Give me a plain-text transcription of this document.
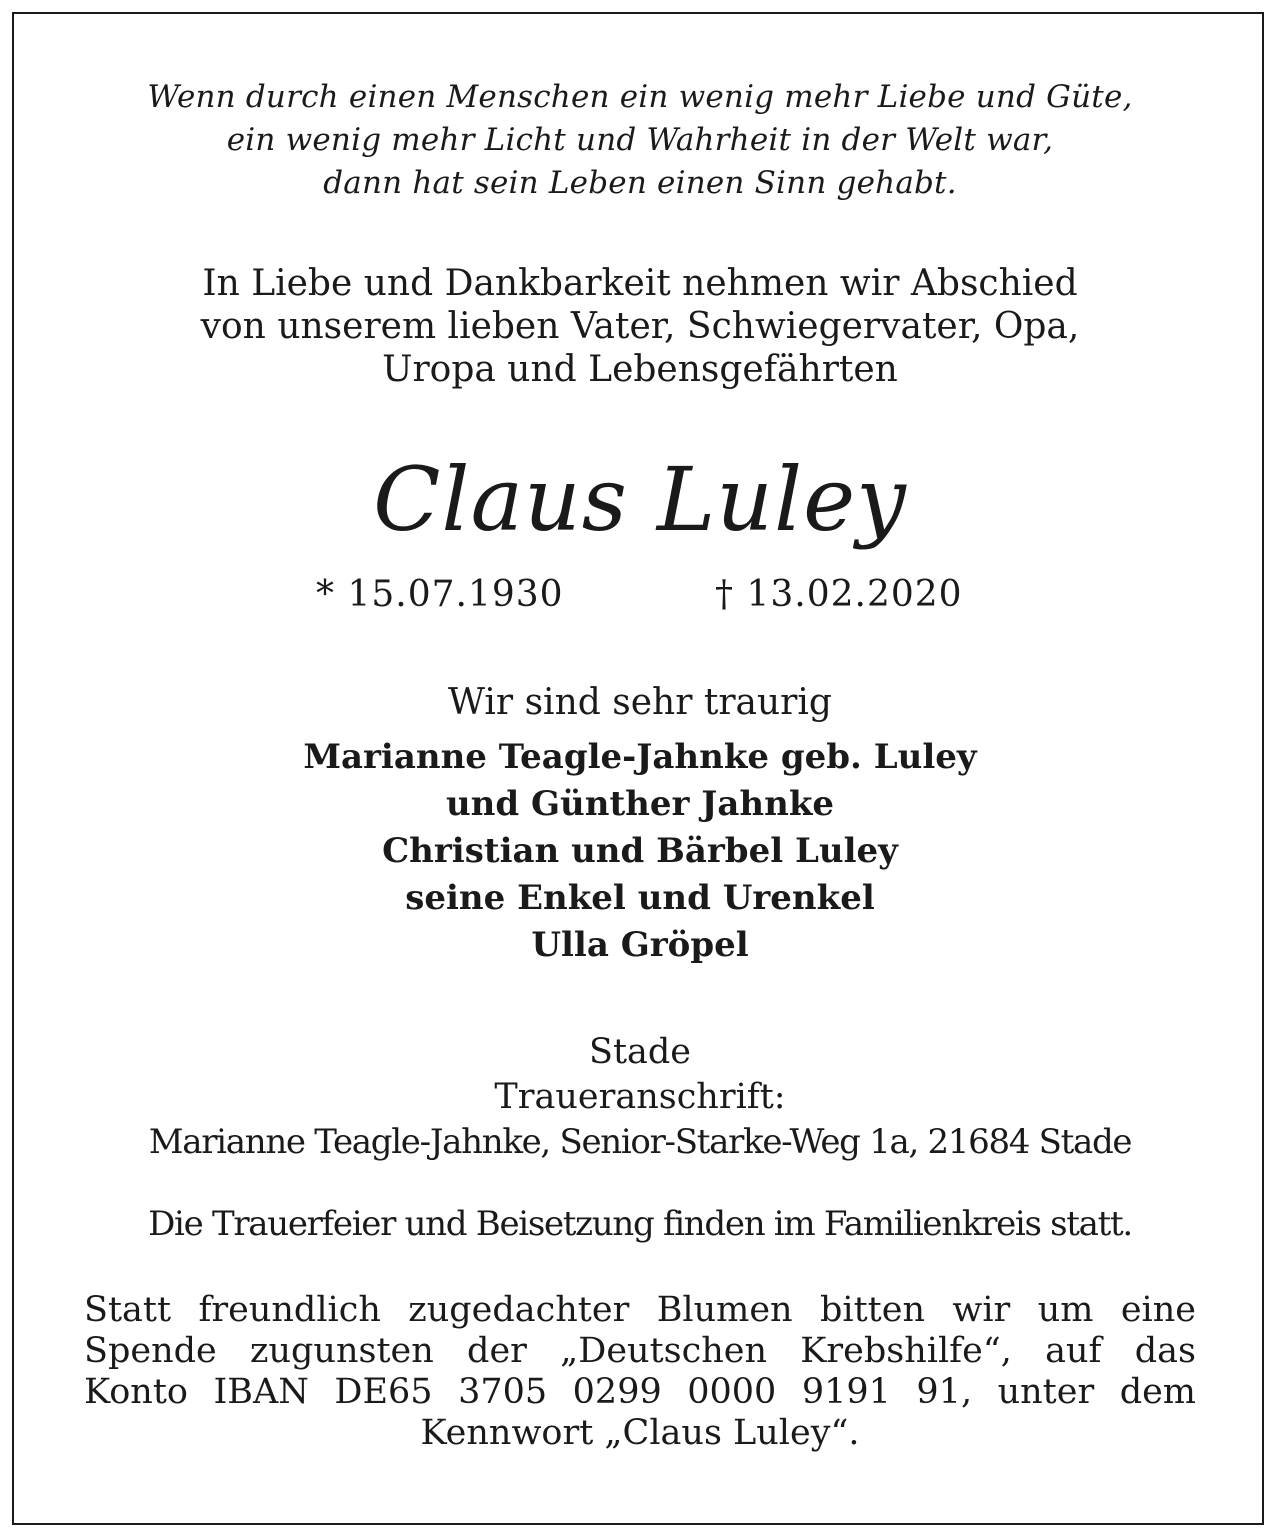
Wenn durch einen Menschen ein wenig mehr Liebe und Güte,
ein wenig mehr Licht und Wahrheit in der Welt war,
dann hat sein Leben einen Sinn gehabt.
In Liebe und Dankbarkeit nehmen wir Abschied
von unserem lieben Vater, Schwiegervater, Opa,
Uropa und Lebensgefährten
Claus Luley
* 15.07.1930	† 13.02.2020
Wir sind sehr traurig
Marianne Teagle-Jahnke geb. Luley
und Günther Jahnke
Christian und Bärbel Luley
seine Enkel und Urenkel
Ulla Gröpel
Stade
Traueranschrift:
Marianne Teagle-Jahnke, Senior-Starke-Weg 1a, 21684 Stade
Die Trauerfeier und Beisetzung finden im Familienkreis statt.
Statt freundlich zugedachter Blumen bitten wir um eine
Spende zugunsten der „Deutschen Krebshilfe“, auf das
Konto IBAN DE65 3705 0299 0000 9191 91, unter dem
Kennwort „Claus Luley“.
